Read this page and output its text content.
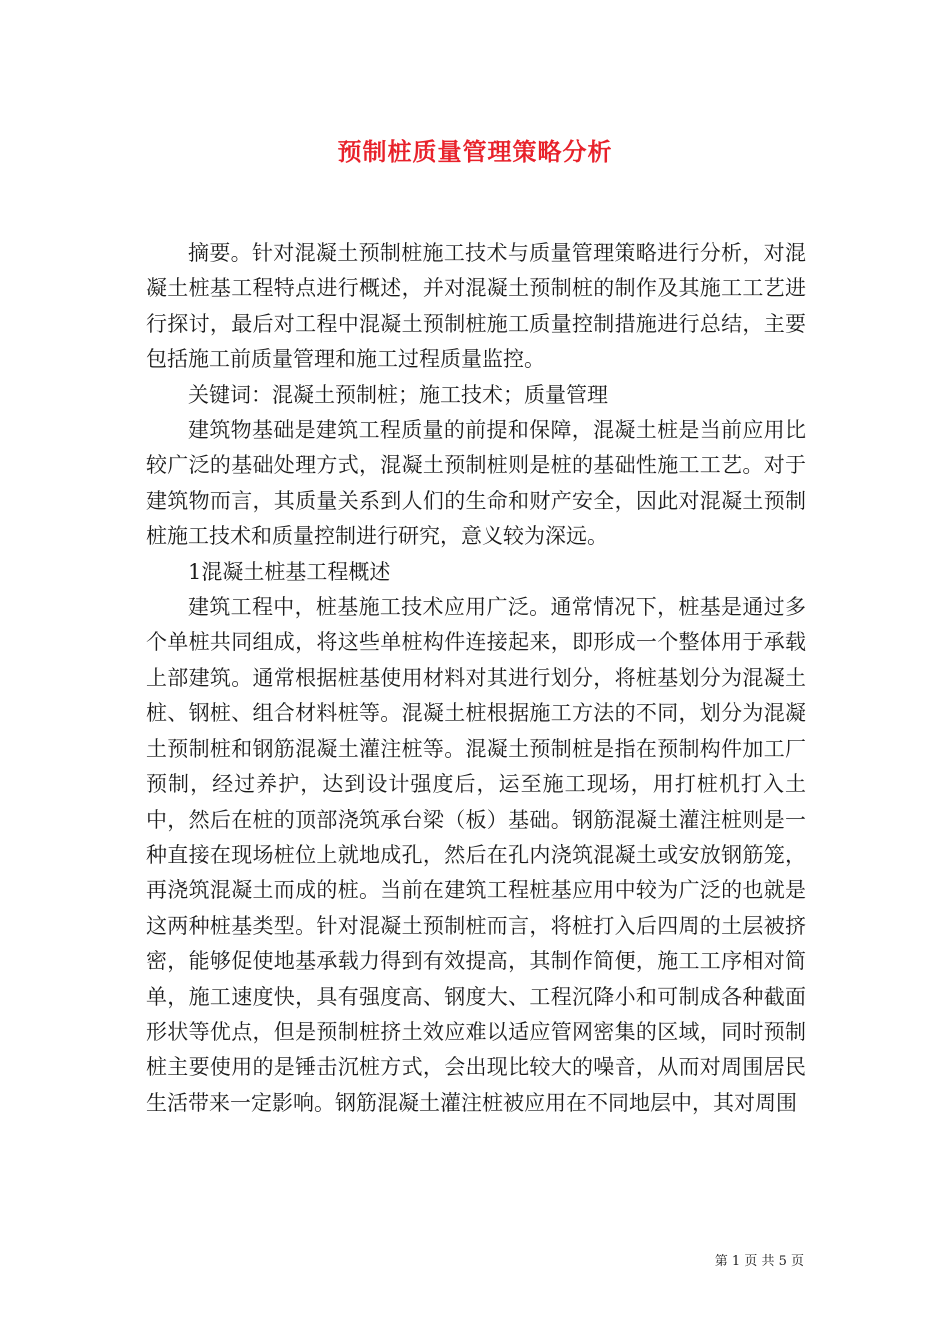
预制桩质量管理策略分析

摘要。针对混凝土预制桩施工技术与质量管理策略进行分析，对混凝土桩基工程特点进行概述，并对混凝土预制桩的制作及其施工工艺进行探讨，最后对工程中混凝土预制桩施工质量控制措施进行总结，主要包括施工前质量管理和施工过程质量监控。

关键词：混凝土预制桩；施工技术；质量管理

建筑物基础是建筑工程质量的前提和保障，混凝土桩是当前应用比较广泛的基础处理方式，混凝土预制桩则是桩的基础性施工工艺。对于建筑物而言，其质量关系到人们的生命和财产安全，因此对混凝土预制桩施工技术和质量控制进行研究，意义较为深远。

1混凝土桩基工程概述

建筑工程中，桩基施工技术应用广泛。通常情况下，桩基是通过多个单桩共同组成，将这些单桩构件连接起来，即形成一个整体用于承载上部建筑。通常根据桩基使用材料对其进行划分，将桩基划分为混凝土桩、钢桩、组合材料桩等。混凝土桩根据施工方法的不同，划分为混凝土预制桩和钢筋混凝土灌注桩等。混凝土预制桩是指在预制构件加工厂预制，经过养护，达到设计强度后，运至施工现场，用打桩机打入土中，然后在桩的顶部浇筑承台梁（板）基础。钢筋混凝土灌注桩则是一种直接在现场桩位上就地成孔，然后在孔内浇筑混凝土或安放钢筋笼，再浇筑混凝土而成的桩。当前在建筑工程桩基应用中较为广泛的也就是这两种桩基类型。针对混凝土预制桩而言，将桩打入后四周的土层被挤密，能够促使地基承载力得到有效提高，其制作简便，施工工序相对简单，施工速度快，具有强度高、钢度大、工程沉降小和可制成各种截面形状等优点，但是预制桩挤土效应难以适应管网密集的区域，同时预制桩主要使用的是锤击沉桩方式，会出现比较大的噪音，从而对周围居民生活带来一定影响。钢筋混凝土灌注桩被应用在不同地层中，其对周围

第 1 页 共 5 页
